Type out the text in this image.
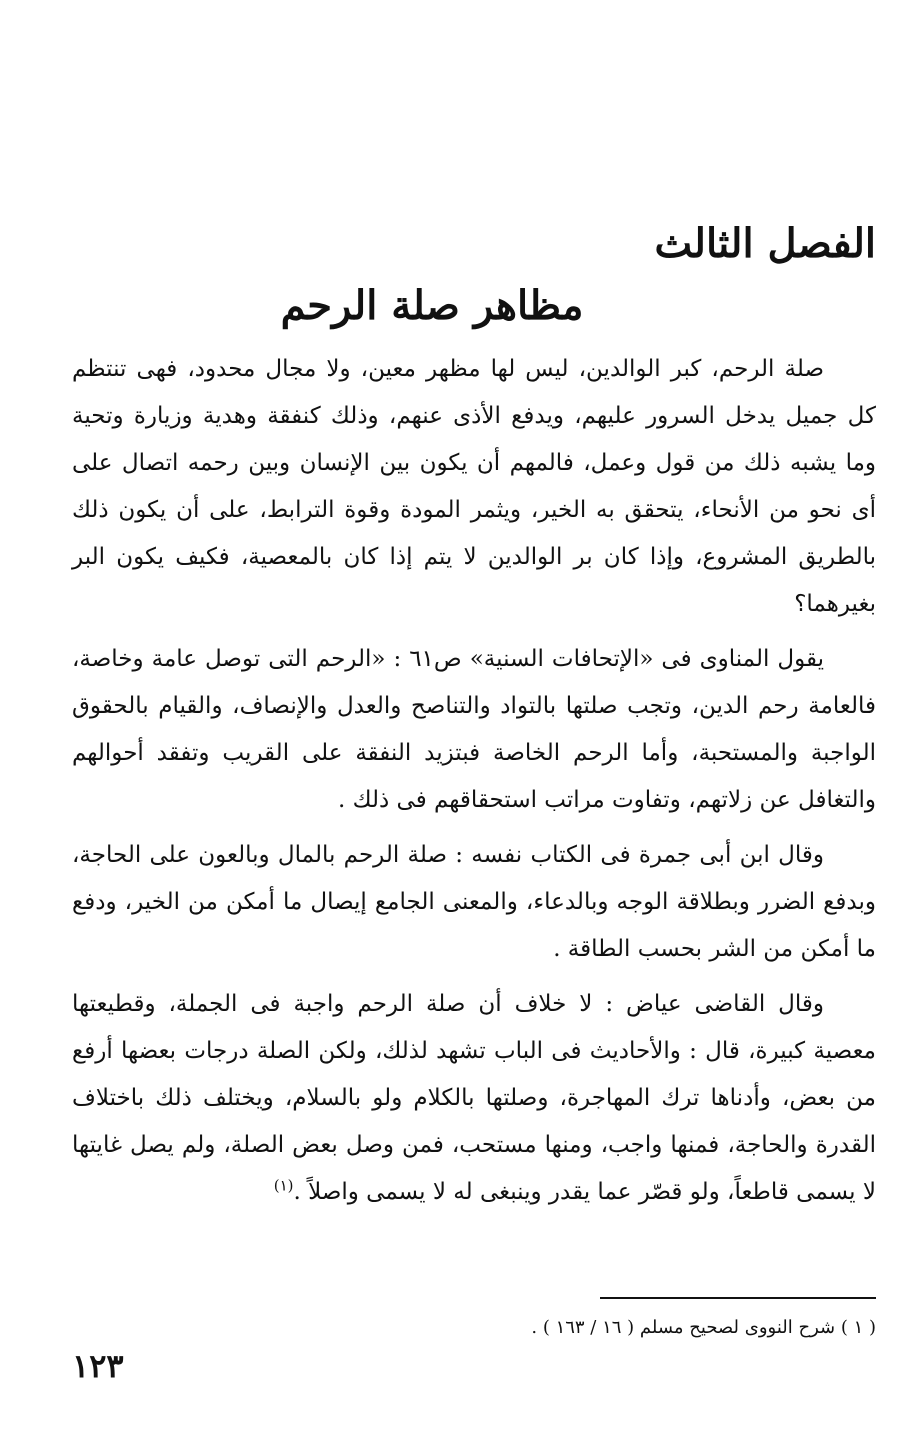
الفصل الثالث
مظاهر صلة الرحم

صلة الرحم، كبر الوالدين، ليس لها مظهر معين، ولا مجال محدود، فهى تنتظم كل جميل يدخل السرور عليهم، ويدفع الأذى عنهم، وذلك كنفقة وهدية وزيارة وتحية وما يشبه ذلك من قول وعمل، فالمهم أن يكون بين الإنسان وبين رحمه اتصال على أى نحو من الأنحاء، يتحقق به الخير، ويثمر المودة وقوة الترابط، على أن يكون ذلك بالطريق المشروع، وإذا كان بر الوالدين لا يتم إذا كان بالمعصية، فكيف يكون البر بغيرهما؟

يقول المناوى فى «الإتحافات السنية» ص٦١ : «الرحم التى توصل عامة وخاصة، فالعامة رحم الدين، وتجب صلتها بالتواد والتناصح والعدل والإنصاف، والقيام بالحقوق الواجبة والمستحبة، وأما الرحم الخاصة فبتزيد النفقة على القريب وتفقد أحوالهم والتغافل عن زلاتهم، وتفاوت مراتب استحقاقهم فى ذلك .

وقال ابن أبى جمرة فى الكتاب نفسه : صلة الرحم بالمال وبالعون على الحاجة، وبدفع الضرر وبطلاقة الوجه وبالدعاء، والمعنى الجامع إيصال ما أمكن من الخير، ودفع ما أمكن من الشر بحسب الطاقة .

وقال القاضى عياض : لا خلاف أن صلة الرحم واجبة فى الجملة، وقطيعتها معصية كبيرة، قال : والأحاديث فى الباب تشهد لذلك، ولكن الصلة درجات بعضها أرفع من بعض، وأدناها ترك المهاجرة، وصلتها بالكلام ولو بالسلام، ويختلف ذلك باختلاف القدرة والحاجة، فمنها واجب، ومنها مستحب، فمن وصل بعض الصلة، ولم يصل غايتها لا يسمى قاطعاً، ولو قصّر عما يقدر وينبغى له لا يسمى واصلاً .$^{(١)}$

( ١ ) شرح النووى لصحيح مسلم ( ١٦ / ١٦٣ ) .

١٢٣
